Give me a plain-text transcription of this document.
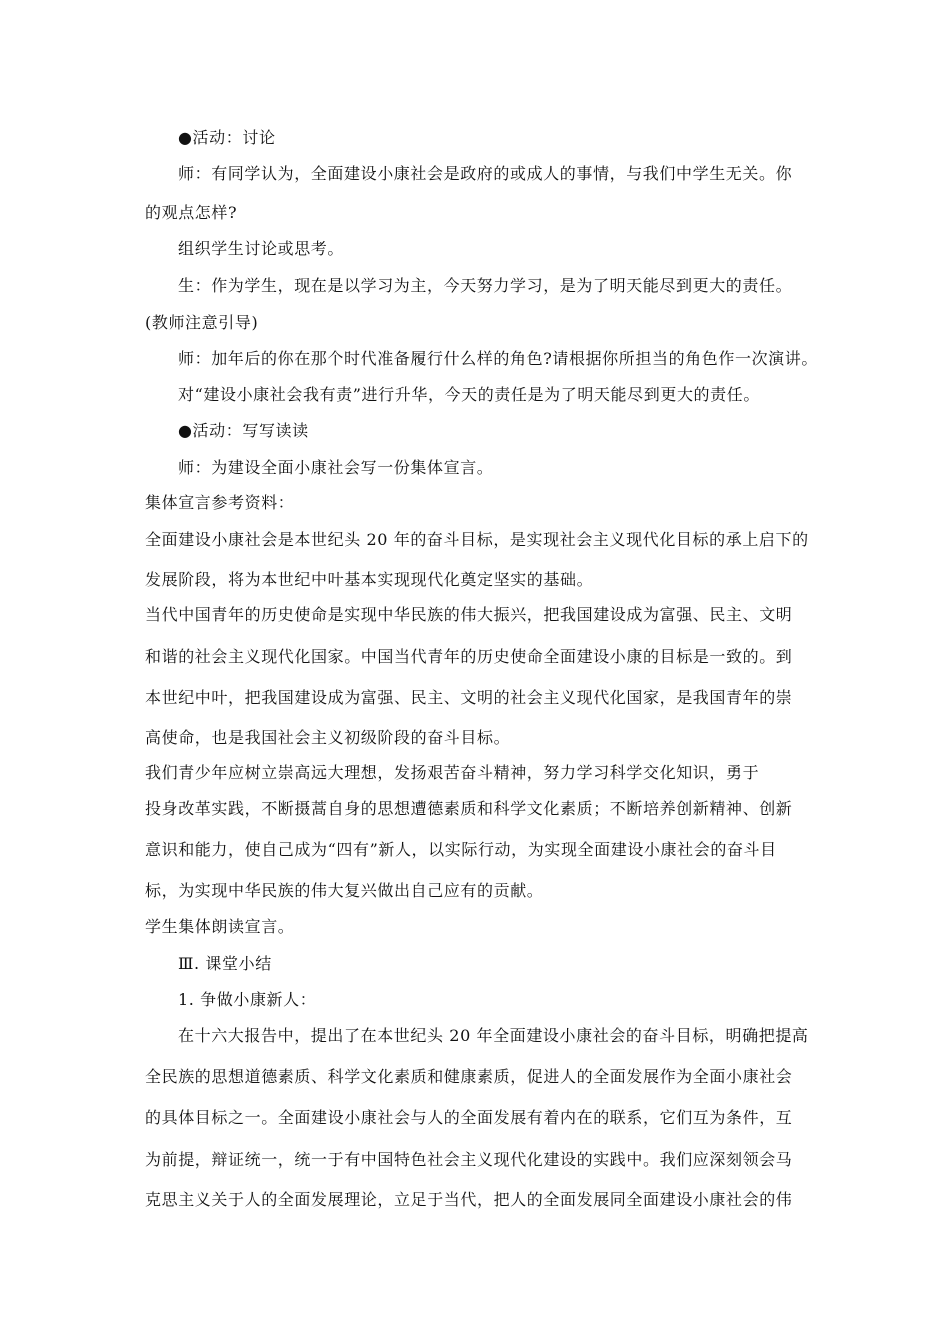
●活动：讨论
师：有同学认为，全面建设小康社会是政府的或成人的事情，与我们中学生无关。你
的观点怎样?
组织学生讨论或思考。
生：作为学生，现在是以学习为主，今天努力学习，是为了明天能尽到更大的责任。
(教师注意引导)
师：加年后的你在那个时代准备履行什么样的角色?请根据你所担当的角色作一次演讲。
对“建设小康社会我有责”进行升华，今天的责任是为了明天能尽到更大的责任。
●活动：写写读读
师：为建设全面小康社会写一份集体宣言。
集体宣言参考资料：
全面建设小康社会是本世纪头 20 年的奋斗目标，是实现社会主义现代化目标的承上启下的
发展阶段，将为本世纪中叶基本实现现代化奠定坚实的基础。
当代中国青年的历史使命是实现中华民族的伟大振兴，把我国建设成为富强、民主、文明
和谐的社会主义现代化国家。中国当代青年的历史使命全面建设小康的目标是一致的。到
本世纪中叶，把我国建设成为富强、民主、文明的社会主义现代化国家，是我国青年的崇
高使命，也是我国社会主义初级阶段的奋斗目标。
我们青少年应树立崇高远大理想，发扬艰苦奋斗精神，努力学习科学交化知识，勇于
投身改革实践，不断摄蒿自身的思想遭德素质和科学文化素质；不断培养创新精神、创新
意识和能力，使自己成为“四有”新人，以实际行动，为实现全面建设小康社会的奋斗目
标，为实现中华民族的伟大复兴做出自己应有的贡献。
学生集体朗读宣言。
Ⅲ. 课堂小结
1. 争做小康新人：
在十六大报告中，提出了在本世纪头 20 年全面建设小康社会的奋斗目标，明确把提高
全民族的思想道德素质、科学文化素质和健康素质，促进人的全面发展作为全面小康社会
的具体目标之一。全面建设小康社会与人的全面发展有着内在的联系，它们互为条件，互
为前提，辩证统一，统一于有中国特色社会主义现代化建设的实践中。我们应深刻领会马
克思主义关于人的全面发展理论，立足于当代，把人的全面发展同全面建设小康社会的伟
